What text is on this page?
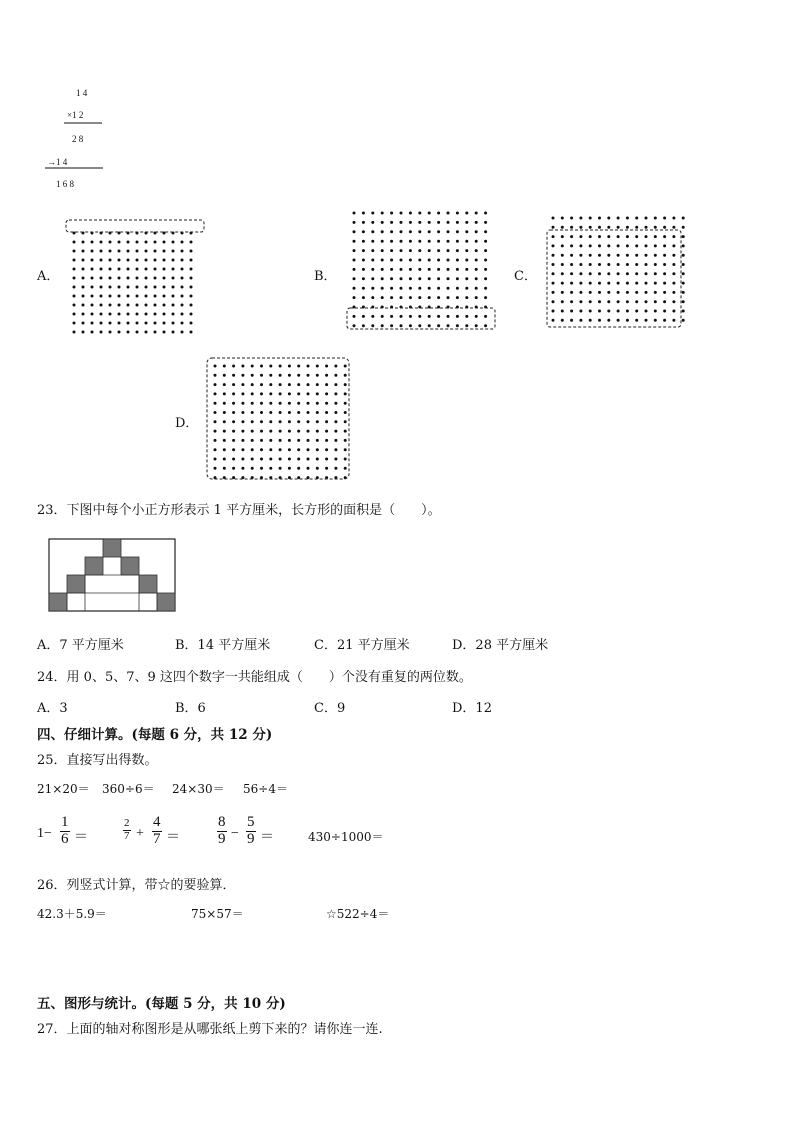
1 4
×1 2
2 8
→1 4
1 6 8
A．	B．	C．
D．
23．下图中每个小正方形表示 1 平方厘米，长方形的面积是（　　）。
A．7 平方厘米	B．14 平方厘米	C．21 平方厘米	D．28 平方厘米
24．用 0、5、7、9 这四个数字一共能组成（　　）个没有重复的两位数。
A．3	B．6	C．9	D．12
四、仔细计算。(每题 6 分，共 12 分)
25．直接写出得数。
21×20＝ 360÷6＝ 24×30＝ 56÷4＝
$1- \frac{1}{6}$ ＝	$\frac{2}{7} + \frac{4}{7} = \frac{8}{9} - \frac{5}{9}$ ＝	430÷1000＝
26．列竖式计算，带☆的要验算．
42.3＋5.9＝	75×57＝	☆522÷4＝
五、图形与统计。(每题 5 分，共 10 分)
27．上面的轴对称图形是从哪张纸上剪下来的？请你连一连.
